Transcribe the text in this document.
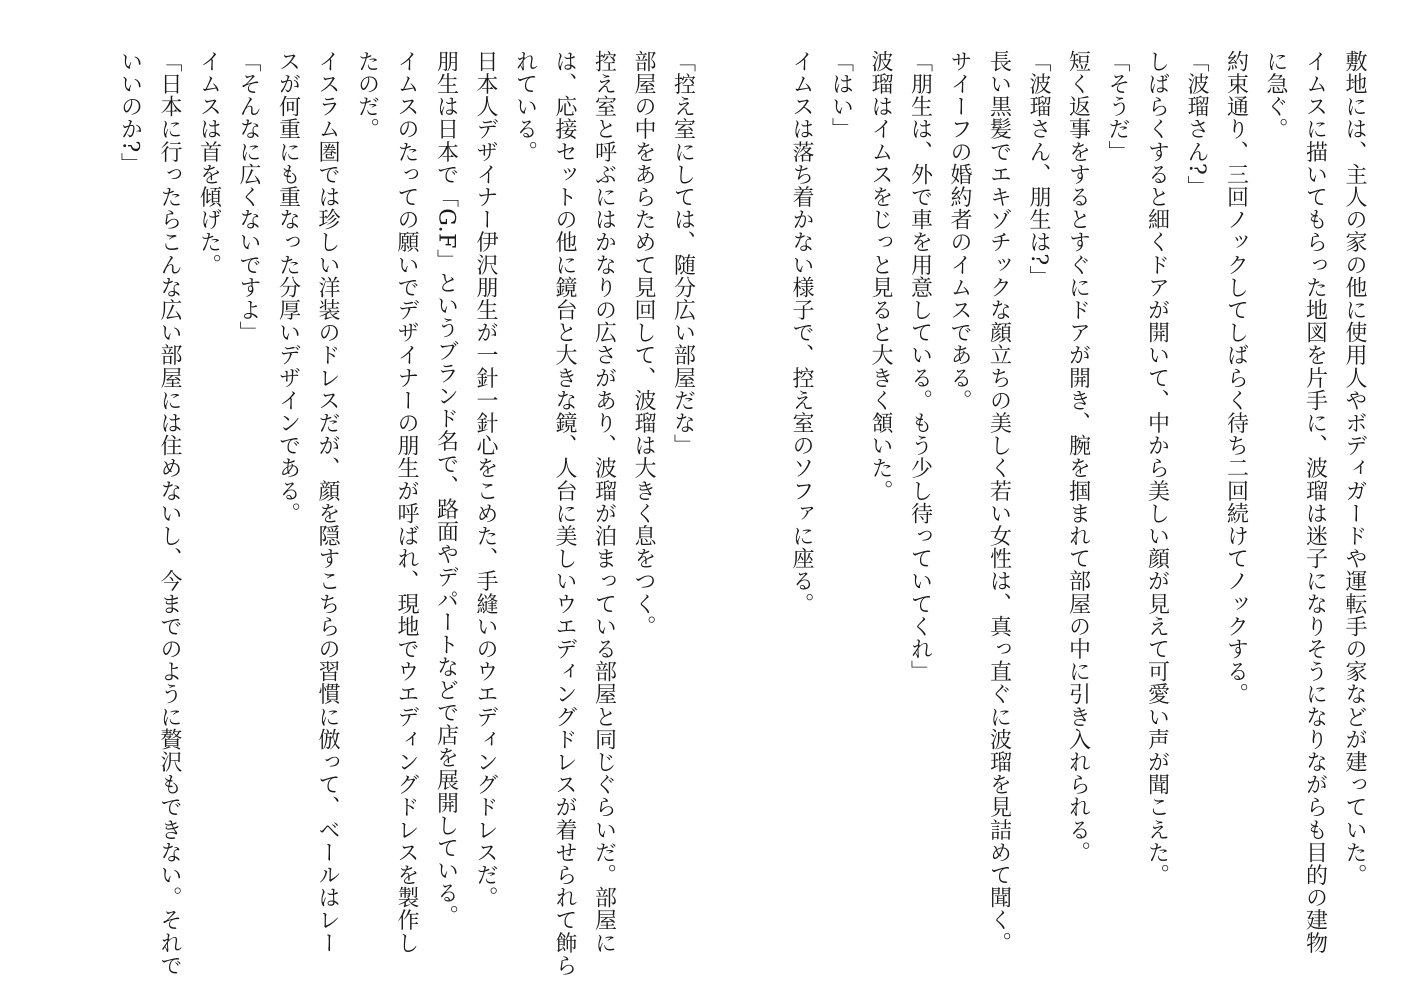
敷地には、主人の家の他に使用人やボディガードや運転手の家などが建っていた。
イムスに描いてもらった地図を片手に、波瑠は迷子になりそうになりながらも目的の建物
に急ぐ。
約束通り、三回ノックしてしばらく待ち二回続けてノックする。
「波瑠さん?」
しばらくすると細くドアが開いて、中から美しい顔が見えて可愛い声が聞こえた。
「そうだ」
短く返事をするとすぐにドアが開き、腕を掴まれて部屋の中に引き入れられる。
「波瑠さん、朋生は?」
長い黒髪でエキゾチックな顔立ちの美しく若い女性は、真っ直ぐに波瑠を見詰めて聞く。
サイーフの婚約者のイムスである。
「朋生は、外で車を用意している。もう少し待っていてくれ」
波瑠はイムスをじっと見ると大きく頷いた。
「はい」
イムスは落ち着かない様子で、控え室のソファに座る。
「控え室にしては、随分広い部屋だな」
部屋の中をあらためて見回して、波瑠は大きく息をつく。
控え室と呼ぶにはかなりの広さがあり、波瑠が泊まっている部屋と同じぐらいだ。部屋に
は、応接セットの他に鏡台と大きな鏡、人台に美しいウエディングドレスが着せられて飾ら
れている。
日本人デザイナー伊沢朋生が一針一針心をこめた、手縫いのウエディングドレスだ。
朋生は日本で「G.F」というブランド名で、路面やデパートなどで店を展開している。
イムスのたっての願いでデザイナーの朋生が呼ばれ、現地でウエディングドレスを製作し
たのだ。
イスラム圏では珍しい洋装のドレスだが、顔を隠すこちらの習慣に倣って、ベールはレー
スが何重にも重なった分厚いデザインである。
「そんなに広くないですよ」
イムスは首を傾げた。
「日本に行ったらこんな広い部屋には住めないし、今までのように贅沢もできない。それで
いいのか?」
